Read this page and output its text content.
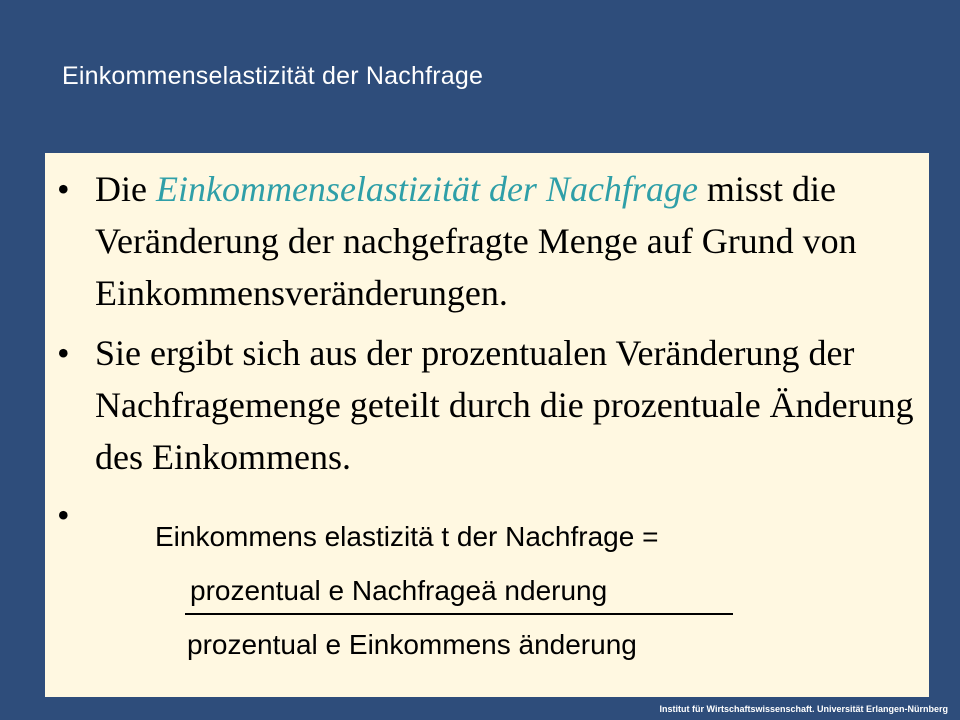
Einkommenselastizität der Nachfrage
• Die Einkommenselastizität der Nachfrage misst die Veränderung der nachgefragte Menge auf Grund von Einkommensveränderungen.
• Sie ergibt sich aus der prozentualen Veränderung der Nachfragemenge geteilt durch die prozentuale Änderung des Einkommens.
•
Einkommens elastizitä t der Nachfrage =
prozentual e Nachfrageä nderung
prozentual e Einkommens änderung
Institut für Wirtschaftswissenschaft. Universität Erlangen-Nürnberg
